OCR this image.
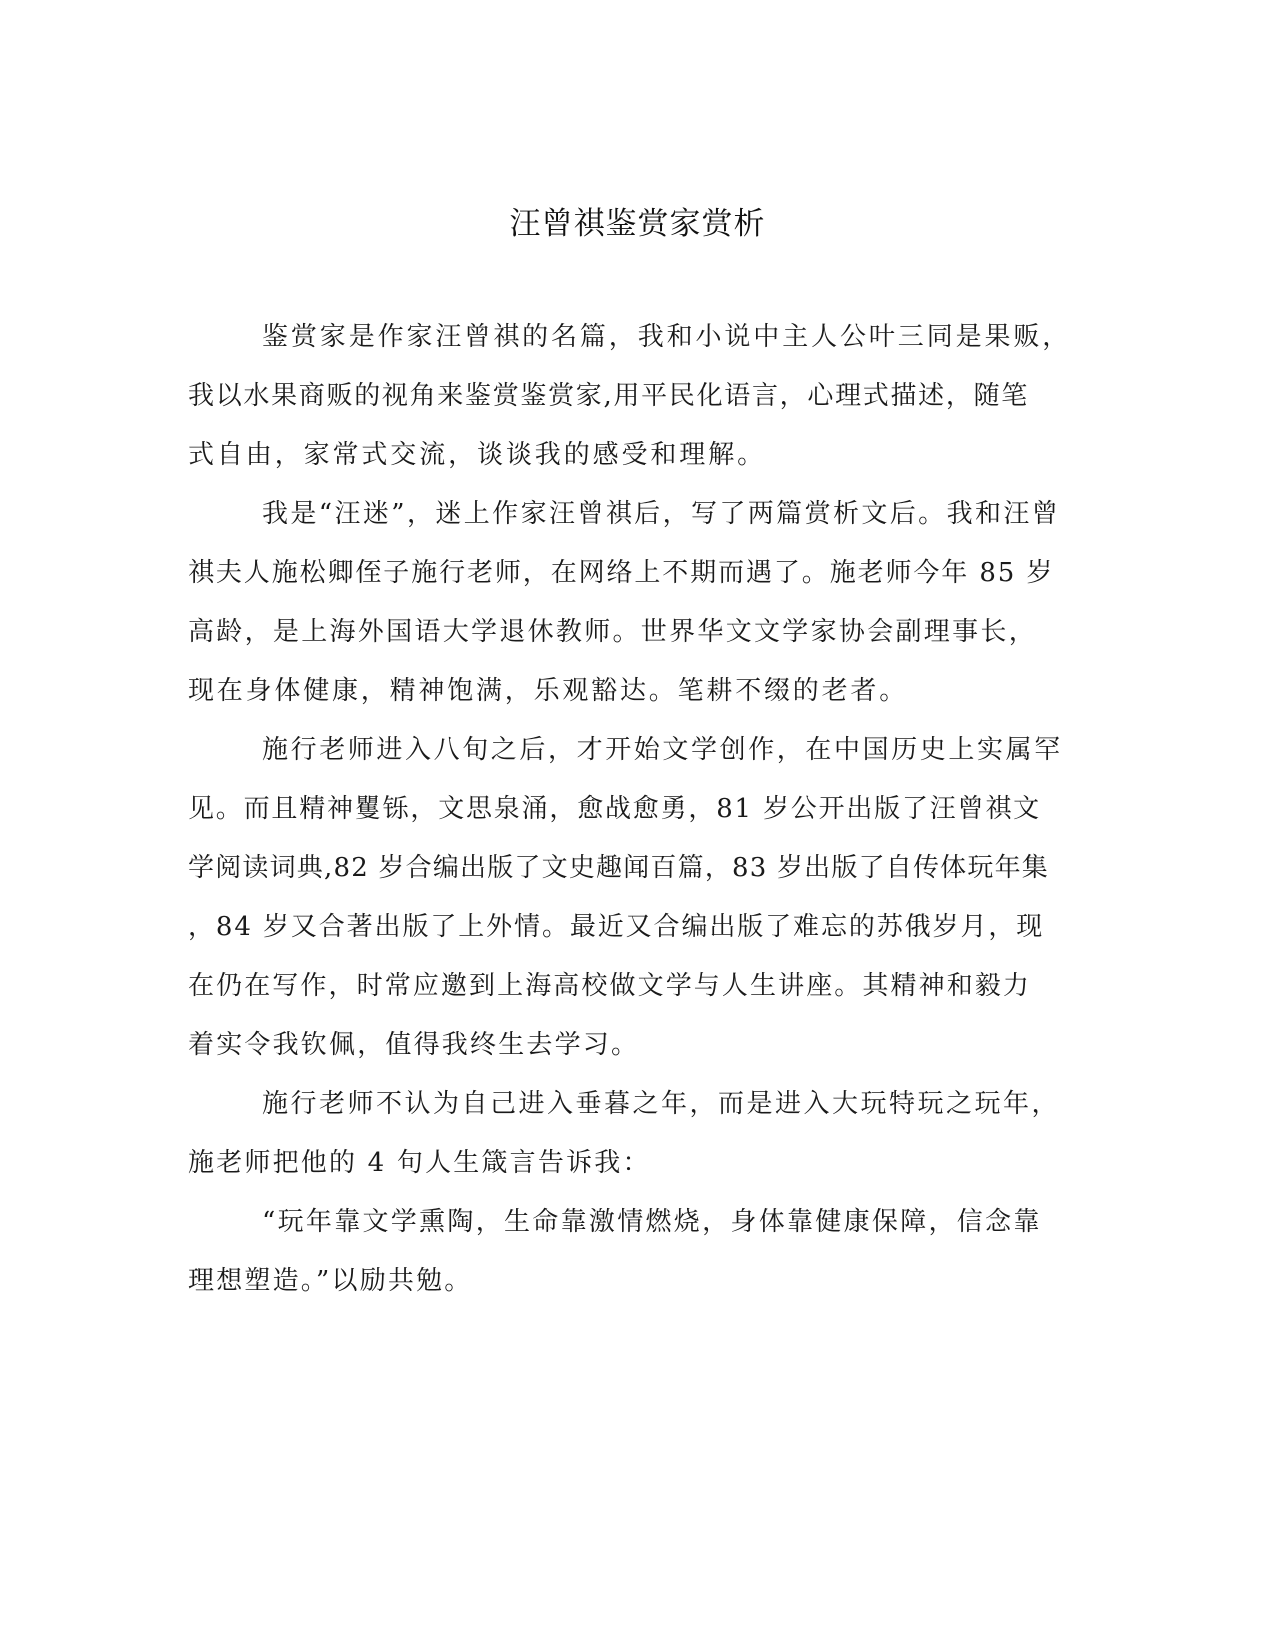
汪曾祺鉴赏家赏析

鉴赏家是作家汪曾祺的名篇，我和小说中主人公叶三同是果贩，

我以水果商贩的视角来鉴赏鉴赏家,用平民化语言，心理式描述，随笔

式自由，家常式交流，谈谈我的感受和理解。

我是“汪迷”，迷上作家汪曾祺后，写了两篇赏析文后。我和汪曾

祺夫人施松卿侄子施行老师，在网络上不期而遇了。施老师今年 85 岁

高龄，是上海外国语大学退休教师。世界华文文学家协会副理事长，

现在身体健康，精神饱满，乐观豁达。笔耕不缀的老者。

施行老师进入八旬之后，才开始文学创作，在中国历史上实属罕

见。而且精神矍铄，文思泉涌，愈战愈勇，81 岁公开出版了汪曾祺文

学阅读词典,82 岁合编出版了文史趣闻百篇，83 岁出版了自传体玩年集

，84 岁又合著出版了上外情。最近又合编出版了难忘的苏俄岁月，现

在仍在写作，时常应邀到上海高校做文学与人生讲座。其精神和毅力

着实令我钦佩，值得我终生去学习。

施行老师不认为自己进入垂暮之年，而是进入大玩特玩之玩年，

施老师把他的 4 句人生箴言告诉我：

“玩年靠文学熏陶，生命靠激情燃烧，身体靠健康保障，信念靠

理想塑造。”以励共勉。
